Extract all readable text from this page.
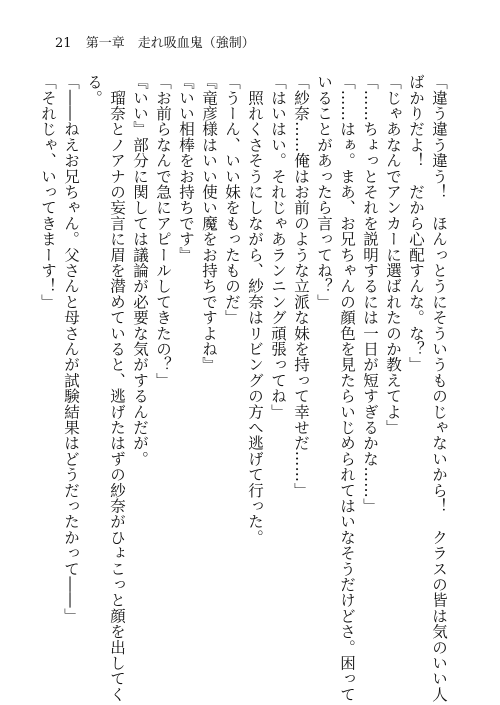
21 第一章　走れ吸血鬼（強制）
「違う違う違う！　ほんっとうにそういうものじゃないから！　クラスの皆は気のいい人
ばかりだよ！　だから心配すんな。な？」
「じゃあなんでアンカーに選ばれたのか教えてよ」
「……ちょっとそれを説明するには一日が短すぎるかな……」
「……はぁ。まあ、お兄ちゃんの顔色を見たらいじめられてはいなそうだけどさ。困って
いることがあったら言ってね？」
「紗奈……俺はお前のような立派な妹を持って幸せだ……」
「はいはい。それじゃあランニング頑張ってね」
　照れくさそうにしながら、紗奈はリビングの方へ逃げて行った。
「うーん、いい妹をもったものだ」
『竜彦様はいい使い魔をお持ちですよね』
『いい相棒をお持ちです』
「お前らなんで急にアピールしてきたの？」
『いい』部分に関しては議論が必要な気がするんだが。
　瑠奈とノアナの妄言に眉を潜めていると、逃げたはずの紗奈がひょこっと顔を出してく
る。
「――ねえお兄ちゃん。父さんと母さんが試験結果はどうだったかって――」
「それじゃ、いってきまーす！」
